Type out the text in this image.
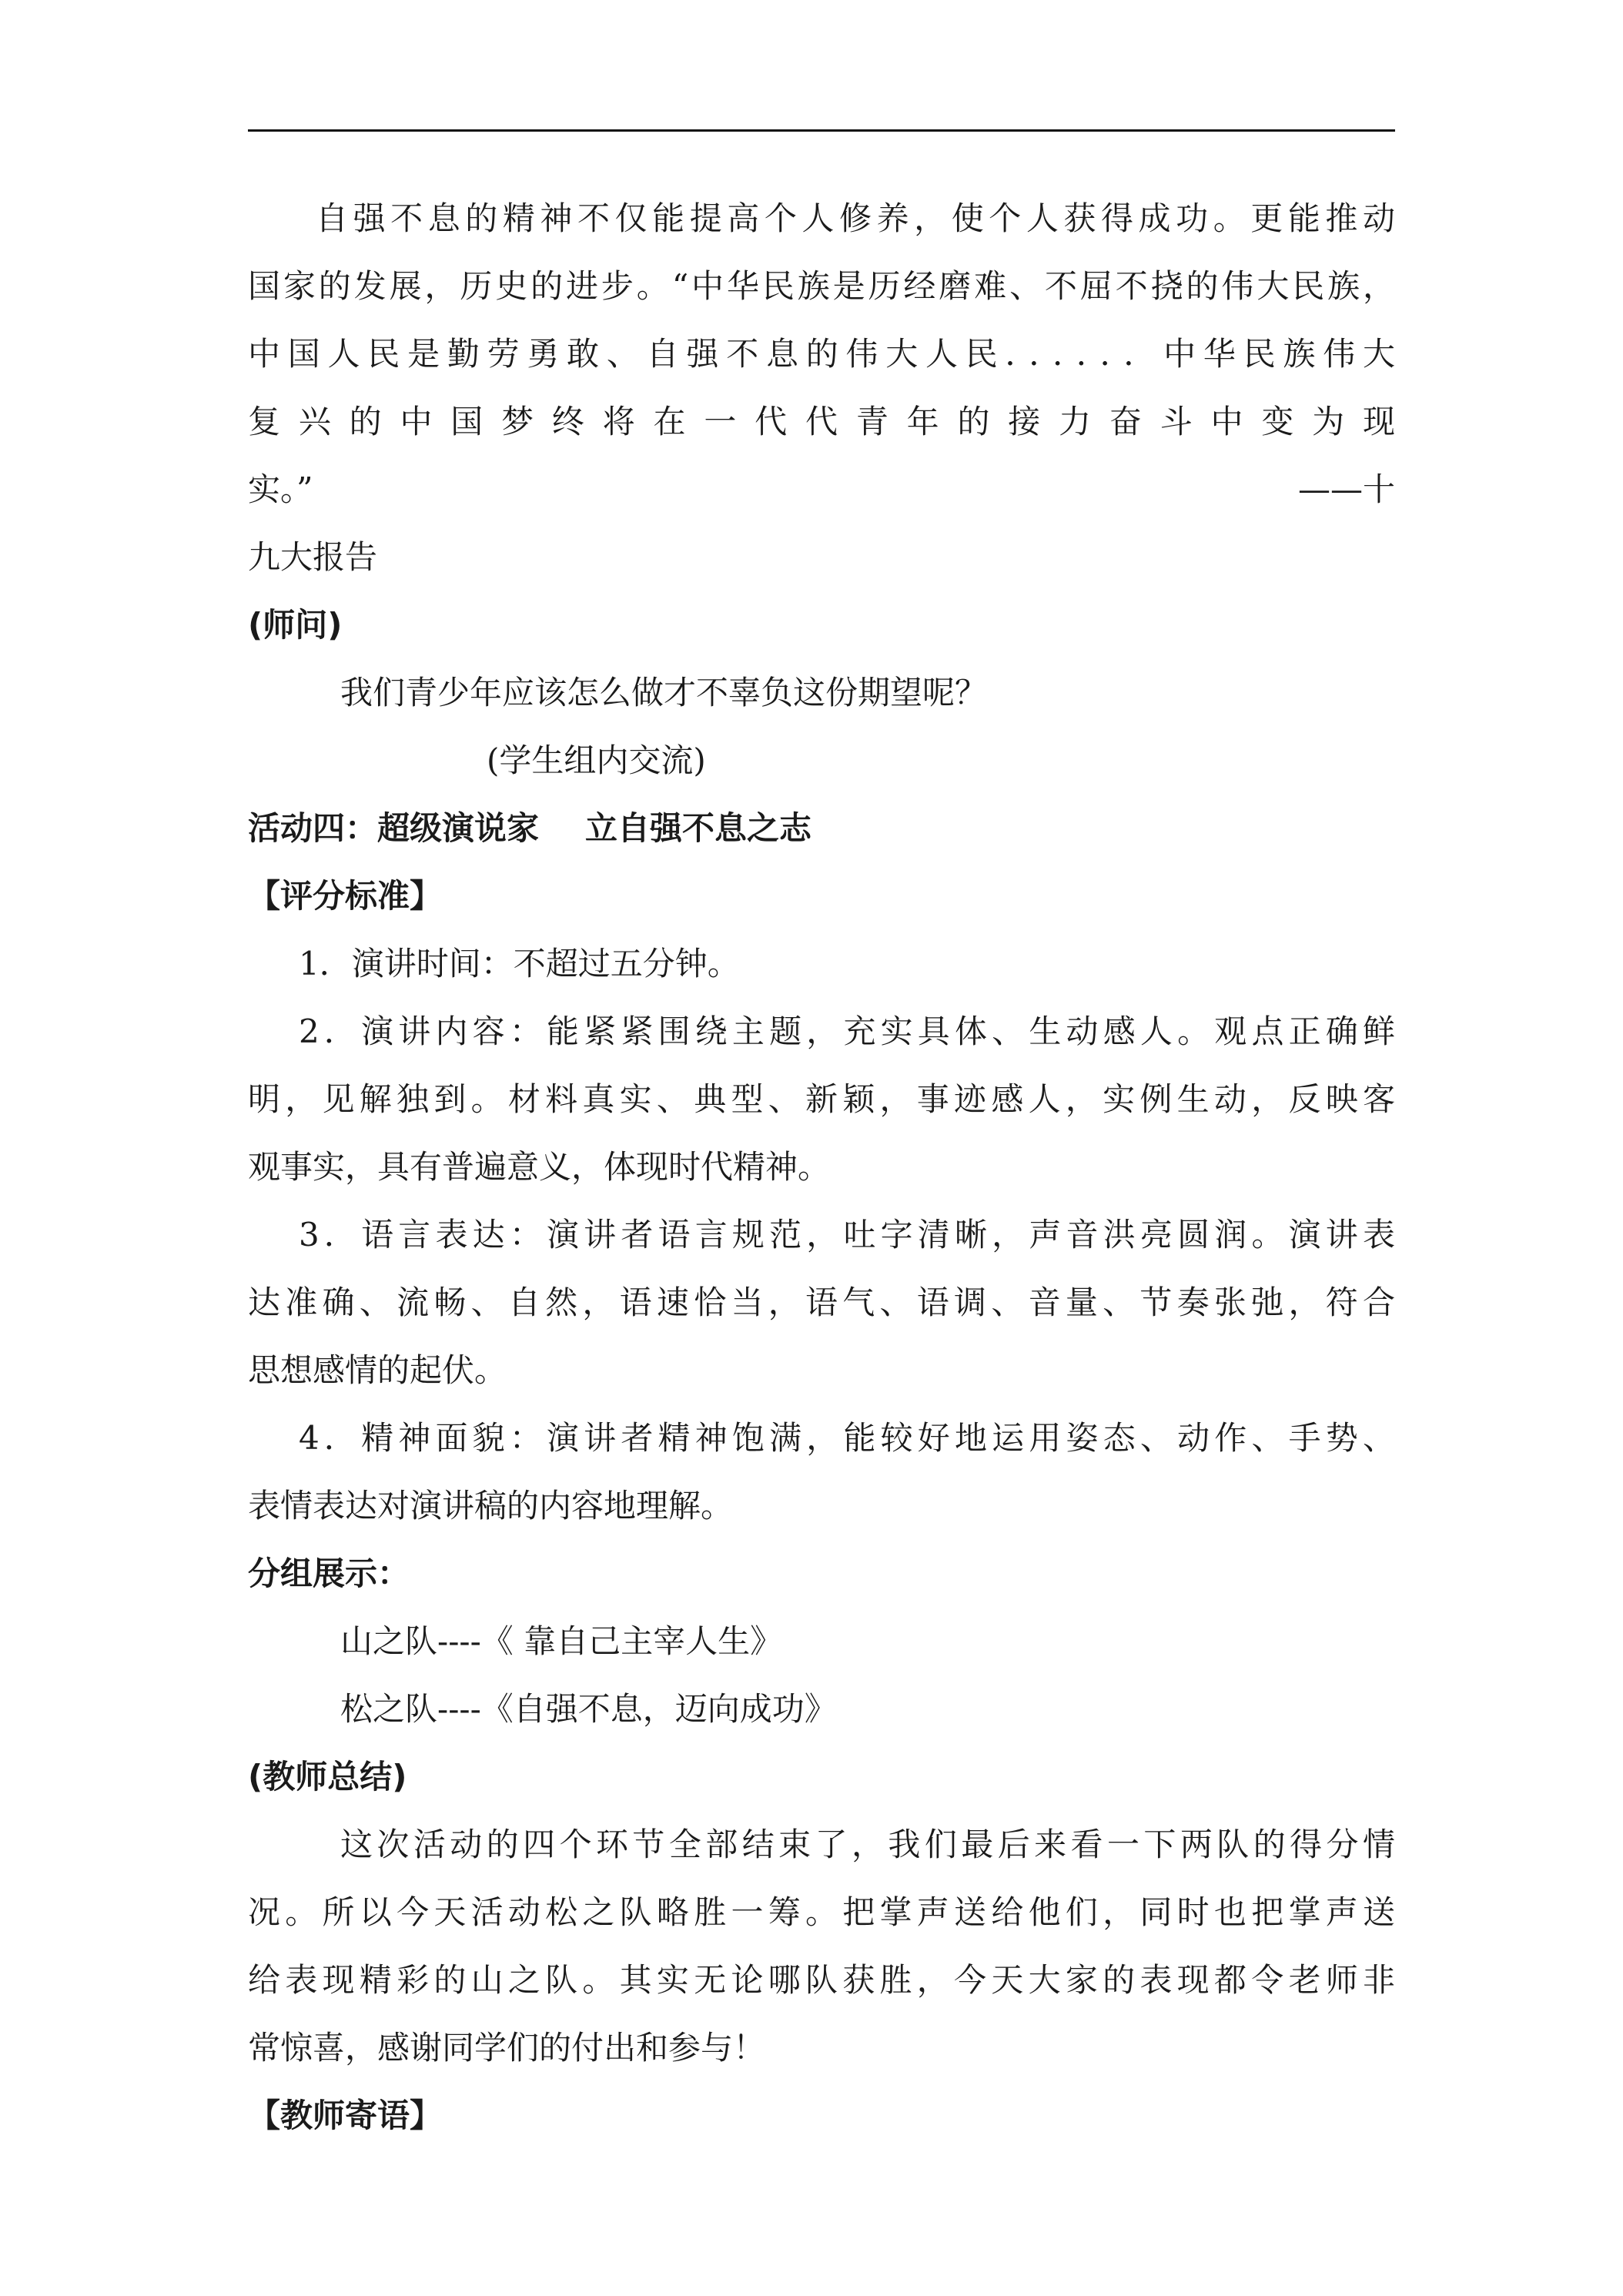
自强不息的精神不仅能提高个人修养，使个人获得成功。更能推动
国家的发展，历史的进步。“中华民族是历经磨难、不屈不挠的伟大民族，
中国人民是勤劳勇敢、自强不息的伟大人民．．．．．．中华民族伟大
复 兴 的 中 国 梦 终 将 在 一 代 代 青 年 的 接 力 奋 斗 中 变 为 现
实。”	——十
九大报告
(师问)
我们青少年应该怎么做才不辜负这份期望呢？
(学生组内交流)
活动四：超级演说家 立自强不息之志
【评分标准】
1．演讲时间：不超过五分钟。
2．演讲内容：能紧紧围绕主题，充实具体、生动感人。观点正确鲜
明，见解独到。材料真实、典型、新颖，事迹感人，实例生动，反映客
观事实，具有普遍意义，体现时代精神。
3．语言表达：演讲者语言规范，吐字清晰，声音洪亮圆润。演讲表
达准确、流畅、自然，语速恰当，语气、语调、音量、节奏张弛，符合
思想感情的起伏。
4．精神面貌：演讲者精神饱满，能较好地运用姿态、动作、手势、
表情表达对演讲稿的内容地理解。
分组展示：
山之队----《 靠自己主宰人生》
松之队----《自强不息，迈向成功》
(教师总结)
这次活动的四个环节全部结束了，我们最后来看一下两队的得分情
况。所以今天活动松之队略胜一筹。把掌声送给他们，同时也把掌声送
给表现精彩的山之队。其实无论哪队获胜，今天大家的表现都令老师非
常惊喜，感谢同学们的付出和参与！
【教师寄语】
